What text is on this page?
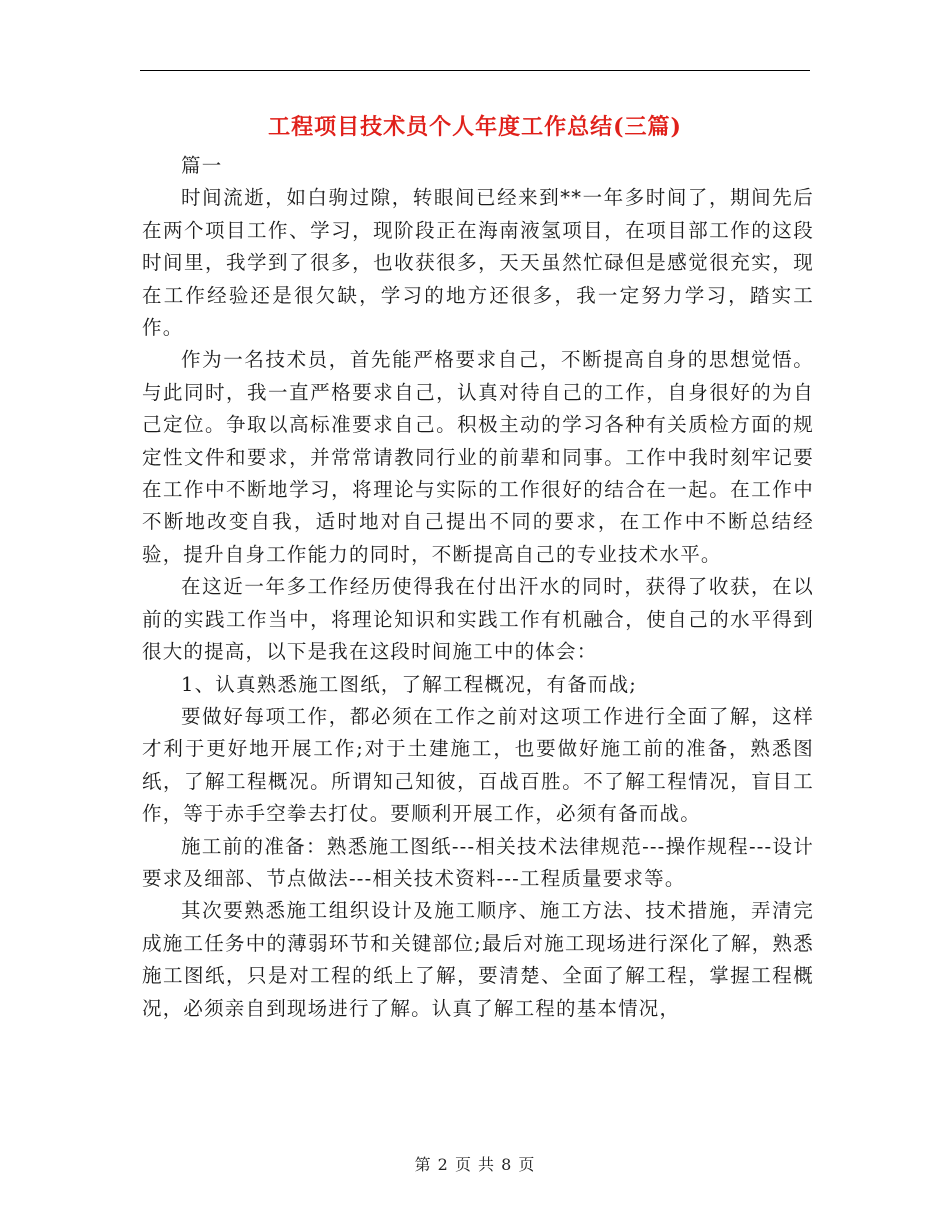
工程项目技术员个人年度工作总结(三篇)

篇一

时间流逝，如白驹过隙，转眼间已经来到**一年多时间了，期间先后在两个项目工作、学习，现阶段正在海南液氢项目，在项目部工作的这段时间里，我学到了很多，也收获很多，天天虽然忙碌但是感觉很充实，现在工作经验还是很欠缺，学习的地方还很多，我一定努力学习，踏实工作。

作为一名技术员，首先能严格要求自己，不断提高自身的思想觉悟。与此同时，我一直严格要求自己，认真对待自己的工作，自身很好的为自己定位。争取以高标准要求自己。积极主动的学习各种有关质检方面的规定性文件和要求，并常常请教同行业的前辈和同事。工作中我时刻牢记要在工作中不断地学习，将理论与实际的工作很好的结合在一起。在工作中不断地改变自我，适时地对自己提出不同的要求，在工作中不断总结经验，提升自身工作能力的同时，不断提高自己的专业技术水平。

在这近一年多工作经历使得我在付出汗水的同时，获得了收获，在以前的实践工作当中，将理论知识和实践工作有机融合，使自己的水平得到很大的提高，以下是我在这段时间施工中的体会：

1、认真熟悉施工图纸，了解工程概况，有备而战;

要做好每项工作，都必须在工作之前对这项工作进行全面了解，这样才利于更好地开展工作;对于土建施工，也要做好施工前的准备，熟悉图纸，了解工程概况。所谓知己知彼，百战百胜。不了解工程情况，盲目工作，等于赤手空拳去打仗。要顺利开展工作，必须有备而战。

施工前的准备：熟悉施工图纸---相关技术法律规范---操作规程---设计要求及细部、节点做法---相关技术资料---工程质量要求等。

其次要熟悉施工组织设计及施工顺序、施工方法、技术措施，弄清完成施工任务中的薄弱环节和关键部位;最后对施工现场进行深化了解，熟悉施工图纸，只是对工程的纸上了解，要清楚、全面了解工程，掌握工程概况，必须亲自到现场进行了解。认真了解工程的基本情况，

第 2 页 共 8 页
